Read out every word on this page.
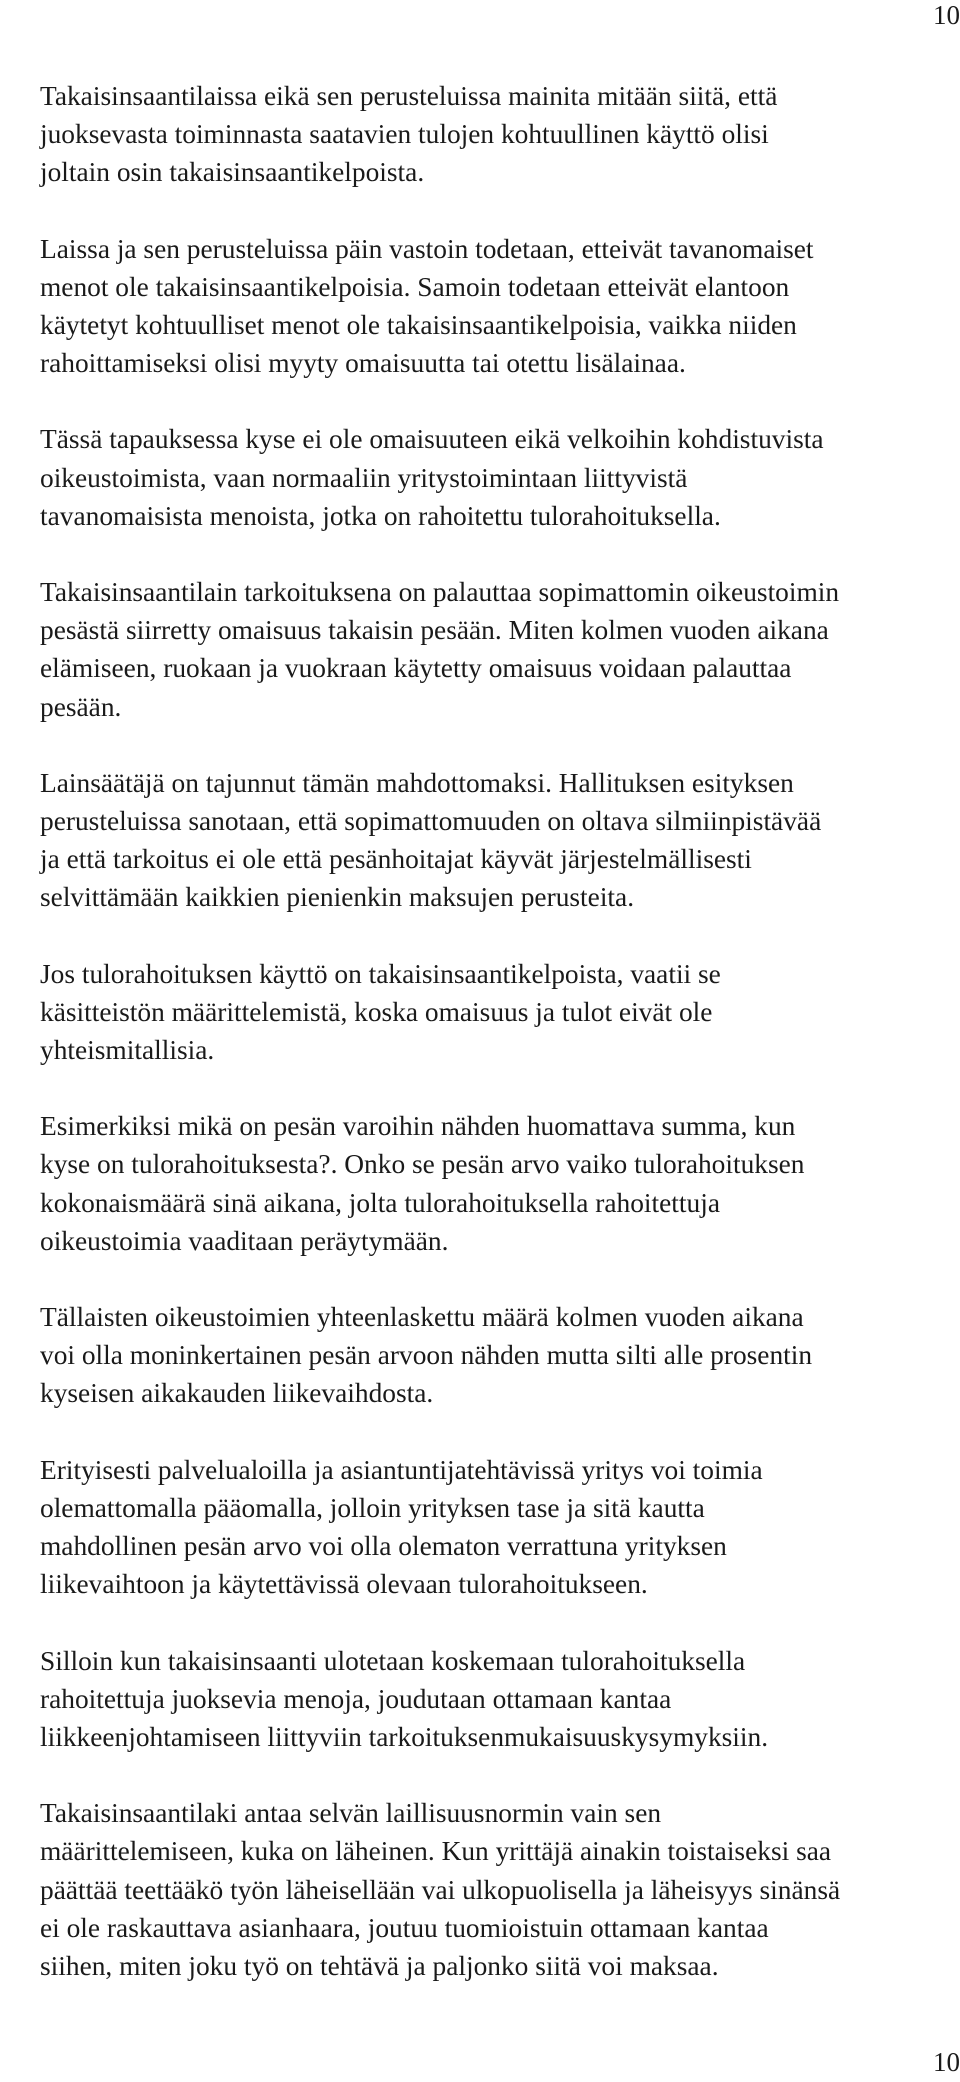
10

Takaisinsaantilaissa eikä sen perusteluissa mainita mitään siitä, että
juoksevasta toiminnasta saatavien tulojen kohtuullinen käyttö olisi
joltain osin takaisinsaantikelpoista.

Laissa ja sen perusteluissa päin vastoin todetaan, etteivät tavanomaiset
menot ole takaisinsaantikelpoisia. Samoin todetaan etteivät elantoon
käytetyt kohtuulliset menot ole takaisinsaantikelpoisia, vaikka niiden
rahoittamiseksi olisi myyty omaisuutta tai otettu lisälainaa.

Tässä tapauksessa kyse ei ole omaisuuteen eikä velkoihin kohdistuvista
oikeustoimista, vaan normaaliin yritystoimintaan liittyvistä
tavanomaisista menoista, jotka on rahoitettu tulorahoituksella.

Takaisinsaantilain tarkoituksena on palauttaa sopimattomin oikeustoimin
pesästä siirretty omaisuus takaisin pesään. Miten kolmen vuoden aikana
elämiseen, ruokaan ja vuokraan käytetty omaisuus voidaan palauttaa
pesään.

Lainsäätäjä on tajunnut tämän mahdottomaksi. Hallituksen esityksen
perusteluissa sanotaan, että sopimattomuuden on oltava silmiinpistävää
ja että tarkoitus ei ole että pesänhoitajat käyvät järjestelmällisesti
selvittämään kaikkien pienienkin maksujen perusteita.

Jos tulorahoituksen käyttö on takaisinsaantikelpoista, vaatii se
käsitteistön määrittelemistä, koska omaisuus ja tulot eivät ole
yhteismitallisia.

Esimerkiksi mikä on pesän varoihin nähden huomattava summa, kun
kyse on tulorahoituksesta?. Onko se pesän arvo vaiko tulorahoituksen
kokonaismäärä sinä aikana, jolta tulorahoituksella rahoitettuja
oikeustoimia vaaditaan peräytymään.

Tällaisten oikeustoimien yhteenlaskettu määrä kolmen vuoden aikana
voi olla moninkertainen pesän arvoon nähden mutta silti alle prosentin
kyseisen aikakauden liikevaihdosta.

Erityisesti palvelualoilla ja asiantuntijatehtävissä yritys voi toimia
olemattomalla pääomalla, jolloin yrityksen tase ja sitä kautta
mahdollinen pesän arvo voi olla olematon verrattuna yrityksen
liikevaihtoon ja käytettävissä olevaan tulorahoitukseen.

Silloin kun takaisinsaanti ulotetaan koskemaan tulorahoituksella
rahoitettuja juoksevia menoja, joudutaan ottamaan kantaa
liikkeenjohtamiseen liittyviin tarkoituksenmukaisuuskysymyksiin.

Takaisinsaantilaki antaa selvän laillisuusnormin vain sen
määrittelemiseen, kuka on läheinen. Kun yrittäjä ainakin toistaiseksi saa
päättää teettääkö työn läheisellään vai ulkopuolisella ja läheisyys sinänsä
ei ole raskauttava asianhaara, joutuu tuomioistuin ottamaan kantaa
siihen, miten joku työ on tehtävä ja paljonko siitä voi maksaa.

10
